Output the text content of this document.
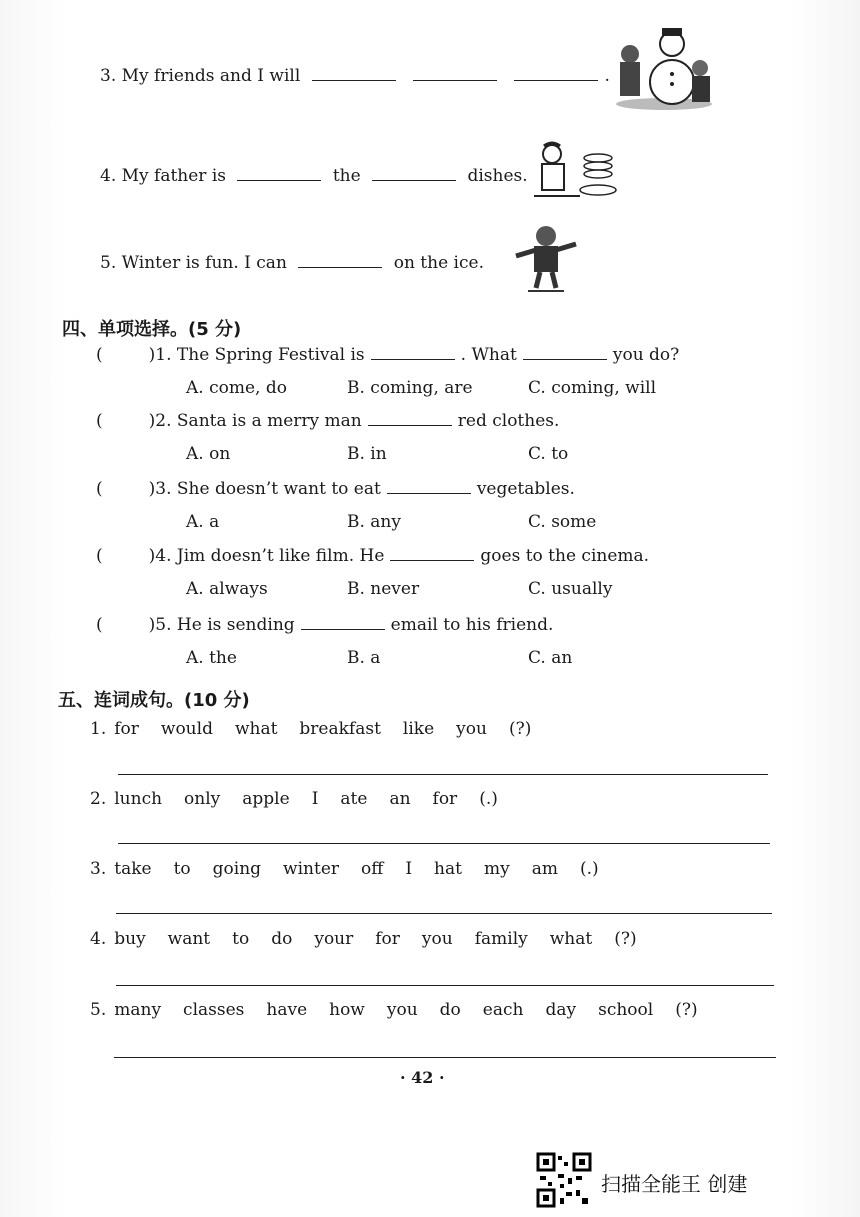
3. My friends and I will	.
4. My father is	the	dishes.
5. Winter is fun. I can	on the ice.
四、单项选择。(5 分)
(	)1. The Spring Festival is	. What	you do?
A. come, do	B. coming, are	C. coming, will
(	)2. Santa is a merry man	red clothes.
A. on	B. in	C. to
(	)3. She doesn’t want to eat	vegetables.
A. a	B. any	C. some
(	)4. Jim doesn’t like film. He	goes to the cinema.
A. always	B. never	C. usually
(	)5. He is sending	email to his friend.
A. the	B. a	C. an
五、连词成句。(10 分)
1. for would what breakfast like you (?)
2. lunch only apple I ate an for (.)
3. take to going winter off I hat my am (.)
4. buy want to do your for you family what (?)
5. many classes have how you do each day school (?)
· 42 ·
扫描全能王 创建
